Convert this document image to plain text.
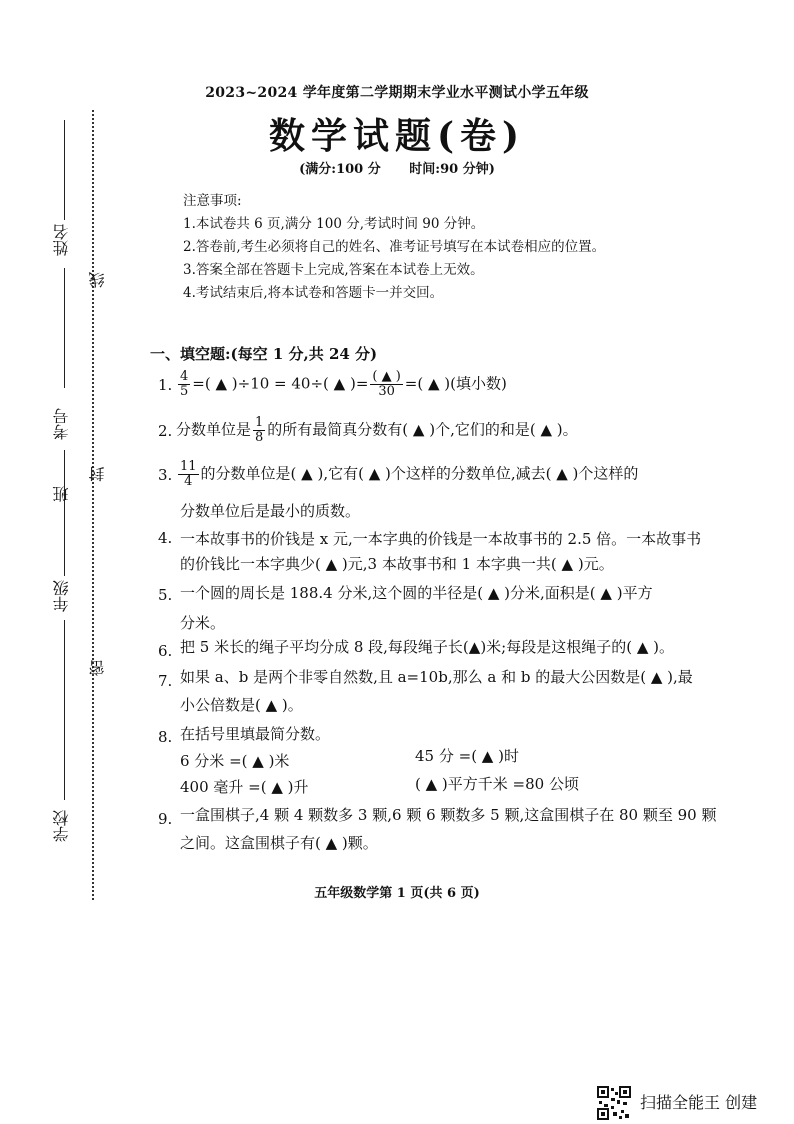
姓名
线
考号
班
封
年级
密
学校
2023~2024 学年度第二学期期末学业水平测试小学五年级
数学试题(卷)
(满分:100 分 时间:90 分钟)
注意事项:
1.本试卷共 6 页,满分 100 分,考试时间 90 分钟。
2.答卷前,考生必须将自己的姓名、准考证号填写在本试卷相应的位置。
3.答案全部在答题卡上完成,答案在本试卷上无效。
4.考试结束后,将本试卷和答题卡一并交回。
一、填空题:(每空 1 分,共 24 分)
1. $\frac{4}{5}$ =( ▲ )÷10 = 40÷( ▲ )= $\frac{( ▲ )}{30}$ =( ▲ )(填小数)
2. 分数单位是 $\frac{1}{8}$ 的所有最简真分数有( ▲ )个,它们的和是( ▲ )。
3. $\frac{11}{4}$ 的分数单位是( ▲ ),它有( ▲ )个这样的分数单位,减去( ▲ )个这样的
分数单位后是最小的质数。
4. 一本故事书的价钱是 x 元,一本字典的价钱是一本故事书的 2.5 倍。一本故事书
的价钱比一本字典少( ▲ )元,3 本故事书和 1 本字典一共( ▲ )元。
5. 一个圆的周长是 188.4 分米,这个圆的半径是( ▲ )分米,面积是( ▲ )平方
分米。
6. 把 5 米长的绳子平均分成 8 段,每段绳子长(▲)米;每段是这根绳子的( ▲ )。
7. 如果 a、b 是两个非零自然数,且 a=10b,那么 a 和 b 的最大公因数是( ▲ ),最
小公倍数是( ▲ )。
8. 在括号里填最简分数。
6 分米 =( ▲ )米	45 分 =( ▲ )时
400 毫升 =( ▲ )升	( ▲ )平方千米 =80 公顷
9. 一盒围棋子,4 颗 4 颗数多 3 颗,6 颗 6 颗数多 5 颗,这盒围棋子在 80 颗至 90 颗
之间。这盒围棋子有( ▲ )颗。
五年级数学第 1 页(共 6 页)
扫描全能王 创建
